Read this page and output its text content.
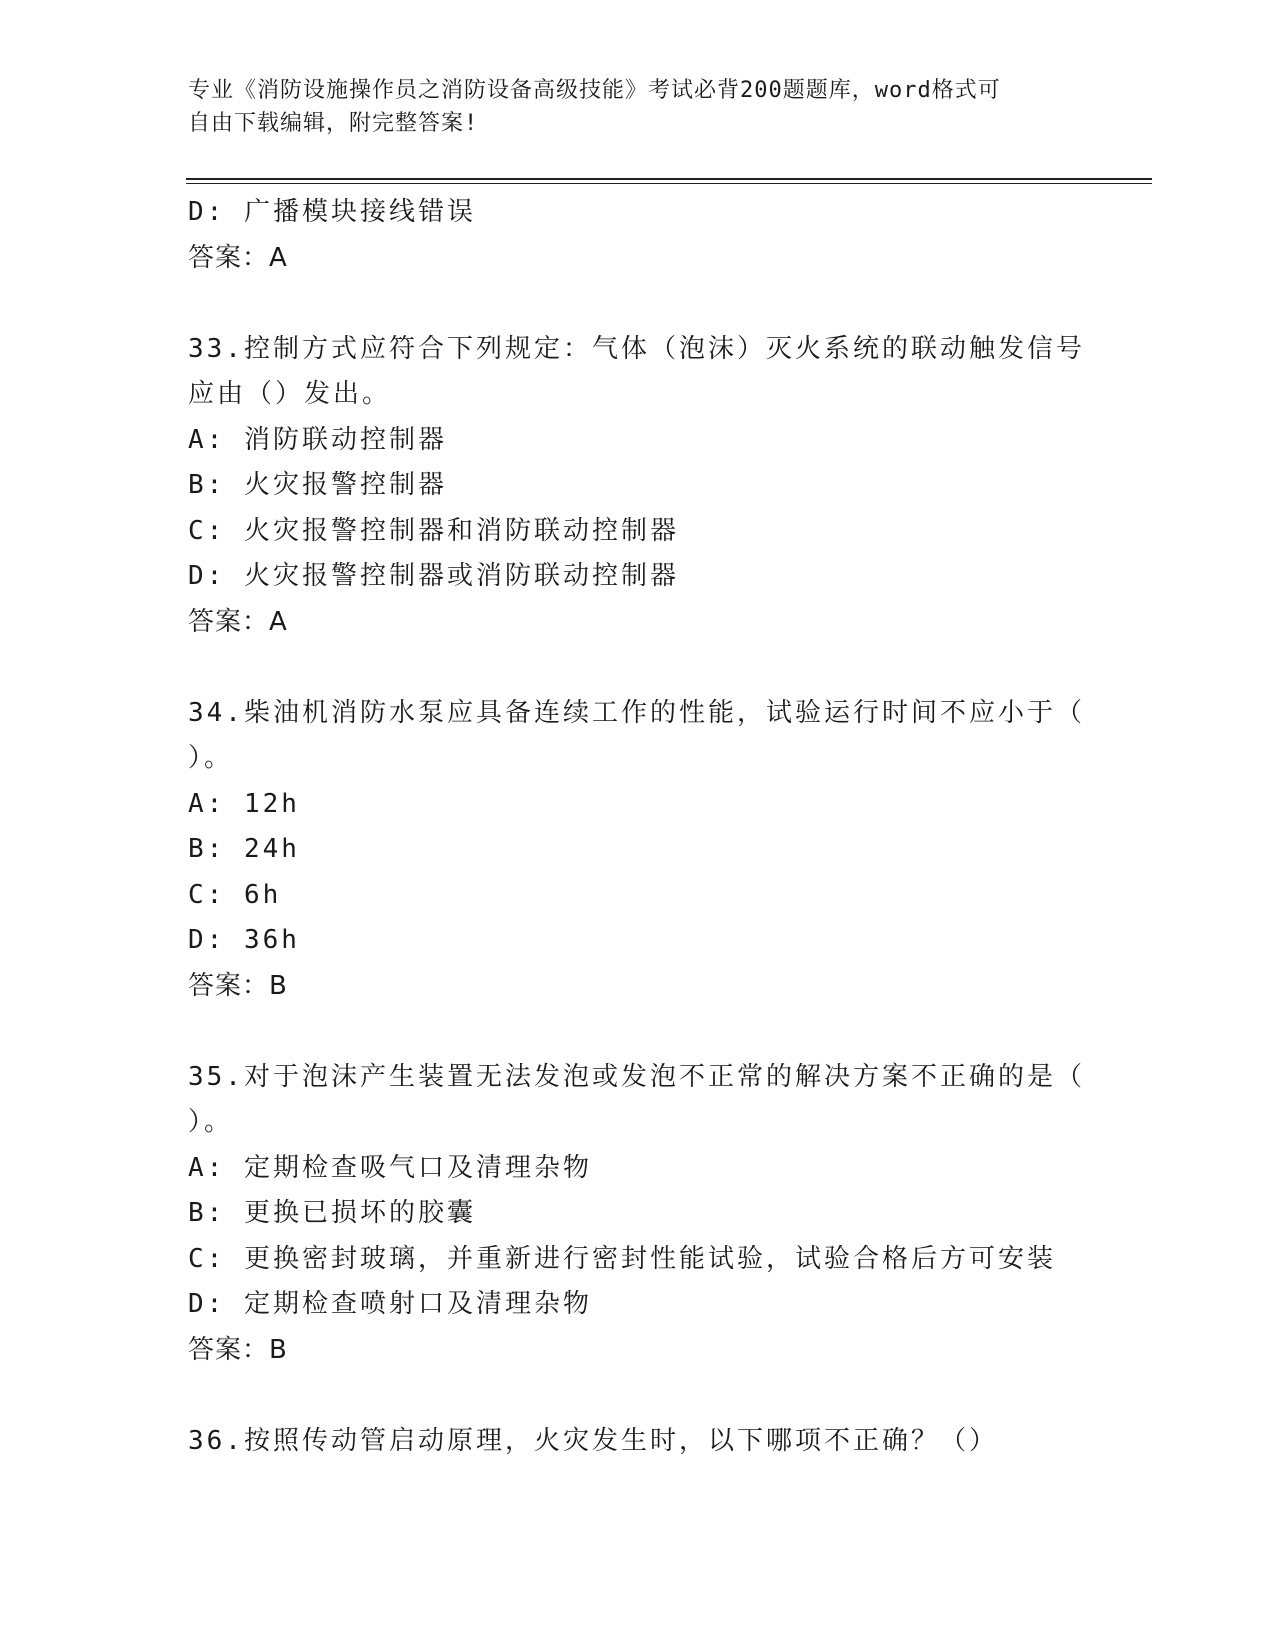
专业《消防设施操作员之消防设备高级技能》考试必背200题题库，word格式可
自由下载编辑，附完整答案!
D: 广播模块接线错误
答案：A
33.控制方式应符合下列规定：气体（泡沫）灭火系统的联动触发信号
应由（）发出。
A: 消防联动控制器
B: 火灾报警控制器
C: 火灾报警控制器和消防联动控制器
D: 火灾报警控制器或消防联动控制器
答案：A
34.柴油机消防水泵应具备连续工作的性能，试验运行时间不应小于（
）。
A: 12h
B: 24h
C: 6h
D: 36h
答案：B
35.对于泡沫产生装置无法发泡或发泡不正常的解决方案不正确的是（
）。
A: 定期检查吸气口及清理杂物
B: 更换已损坏的胶囊
C: 更换密封玻璃，并重新进行密封性能试验，试验合格后方可安装
D: 定期检查喷射口及清理杂物
答案：B
36.按照传动管启动原理，火灾发生时，以下哪项不正确？（）
